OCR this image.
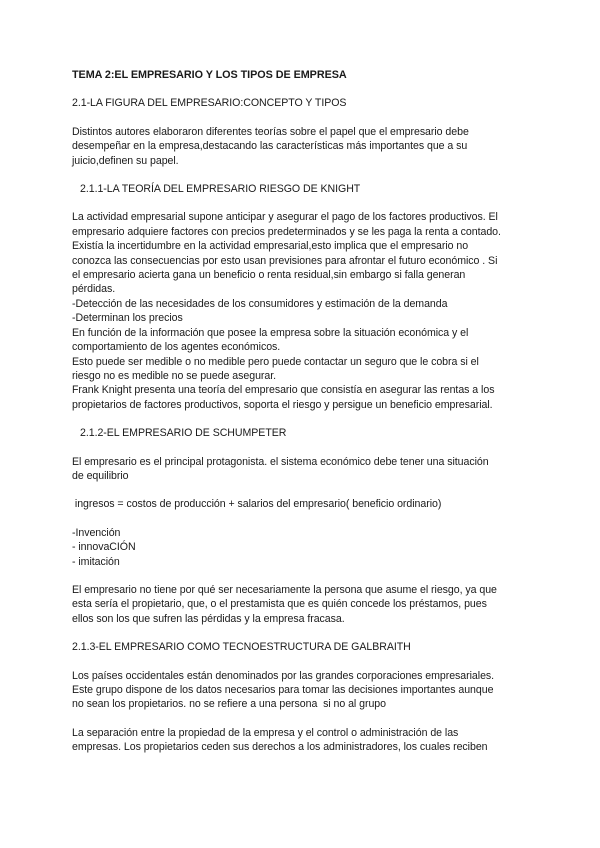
TEMA 2:EL EMPRESARIO Y LOS TIPOS DE EMPRESA

2.1-LA FIGURA DEL EMPRESARIO:CONCEPTO Y TIPOS

Distintos autores elaboraron diferentes teorías sobre el papel que el empresario debe

desempeñar en la empresa,destacando las características más importantes que a su

juicio,definen su papel.

2.1.1-LA TEORÍA DEL EMPRESARIO RIESGO DE KNIGHT

La actividad empresarial supone anticipar y asegurar el pago de los factores productivos. El

empresario adquiere factores con precios predeterminados y se les paga la renta a contado.

Existía la incertidumbre en la actividad empresarial,esto implica que el empresario no

conozca las consecuencias por esto usan previsiones para afrontar el futuro económico . Si

el empresario acierta gana un beneficio o renta residual,sin embargo si falla generan

pérdidas.

-Detección de las necesidades de los consumidores y estimación de la demanda

-Determinan los precios

En función de la información que posee la empresa sobre la situación económica y el

comportamiento de los agentes económicos.

Esto puede ser medible o no medible pero puede contactar un seguro que le cobra si el

riesgo no es medible no se puede asegurar.

Frank Knight presenta una teoría del empresario que consistía en asegurar las rentas a los

propietarios de factores productivos, soporta el riesgo y persigue un beneficio empresarial.

2.1.2-EL EMPRESARIO DE SCHUMPETER

El empresario es el principal protagonista. el sistema económico debe tener una situación

de equilibrio

ingresos = costos de producción + salarios del empresario( beneficio ordinario)

-Invención

- innovaCIÓN

- imitación

El empresario no tiene por qué ser necesariamente la persona que asume el riesgo, ya que

esta sería el propietario, que, o el prestamista que es quién concede los préstamos, pues

ellos son los que sufren las pérdidas y la empresa fracasa.

2.1.3-EL EMPRESARIO COMO TECNOESTRUCTURA DE GALBRAITH

Los países occidentales están denominados por las grandes corporaciones empresariales.

Este grupo dispone de los datos necesarios para tomar las decisiones importantes aunque

no sean los propietarios. no se refiere a una persona  si no al grupo

La separación entre la propiedad de la empresa y el control o administración de las

empresas. Los propietarios ceden sus derechos a los administradores, los cuales reciben
